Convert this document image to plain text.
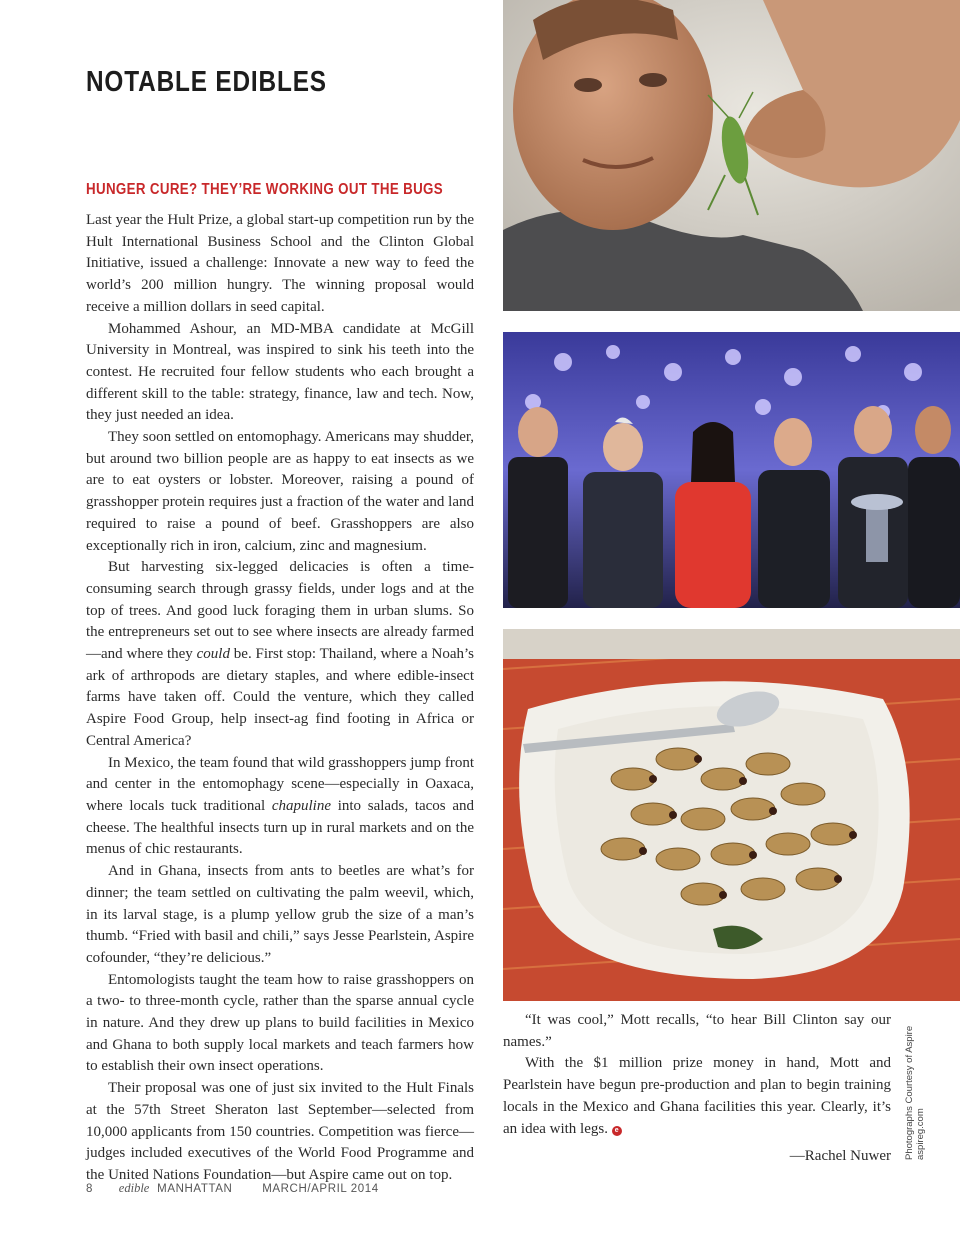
NOTABLE EDIBLES
HUNGER CURE? THEY’RE WORKING OUT THE BUGS

Last year the Hult Prize, a global start-up competition run by the Hult International Business School and the Clinton Global Initiative, issued a challenge: Innovate a new way to feed the world’s 200 million hungry. The winning proposal would receive a million dollars in seed capital.

Mohammed Ashour, an MD-MBA candidate at McGill University in Montreal, was inspired to sink his teeth into the contest. He recruited four fellow students who each brought a different skill to the table: strategy, finance, law and tech. Now, they just needed an idea.

They soon settled on entomophagy. Americans may shudder, but around two billion people are as happy to eat insects as we are to eat oysters or lobster. Moreover, raising a pound of grasshopper protein requires just a fraction of the water and land required to raise a pound of beef. Grasshoppers are also exceptionally rich in iron, calcium, zinc and magnesium.

But harvesting six-legged delicacies is often a time-consuming search through grassy fields, under logs and at the top of trees. And good luck foraging them in urban slums. So the entrepreneurs set out to see where insects are already farmed—and where they could be. First stop: Thailand, where a Noah’s ark of arthropods are dietary staples, and where edible-insect farms have taken off. Could the venture, which they called Aspire Food Group, help insect-ag find footing in Africa or Central America?

In Mexico, the team found that wild grasshoppers jump front and center in the entomophagy scene—especially in Oaxaca, where locals tuck traditional chapuline into salads, tacos and cheese. The healthful insects turn up in rural markets and on the menus of chic restaurants.

And in Ghana, insects from ants to beetles are what’s for dinner; the team settled on cultivating the palm weevil, which, in its larval stage, is a plump yellow grub the size of a man’s thumb. “Fried with basil and chili,” says Jesse Pearlstein, Aspire cofounder, “they’re delicious.”

Entomologists taught the team how to raise grasshoppers on a two- to three-month cycle, rather than the sparse annual cycle in nature. And they drew up plans to build facilities in Mexico and Ghana to both supply local markets and teach farmers how to establish their own insect operations.

Their proposal was one of just six invited to the Hult Finals at the 57th Street Sheraton last September—selected from 10,000 applicants from 150 countries. Competition was fierce—judges included executives of the World Food Programme and the United Nations Foundation—but Aspire came out on top.

“It was cool,” Mott recalls, “to hear Bill Clinton say our names.”

With the $1 million prize money in hand, Mott and Pearlstein have begun pre-production and plan to begin training locals in the Mexico and Ghana facilities this year. Clearly, it’s an idea with legs. e

—Rachel Nuwer Photographs Courtesy of Aspire aspireg.com
8 edible MANHATTAN	MARCH/APRIL 2014
